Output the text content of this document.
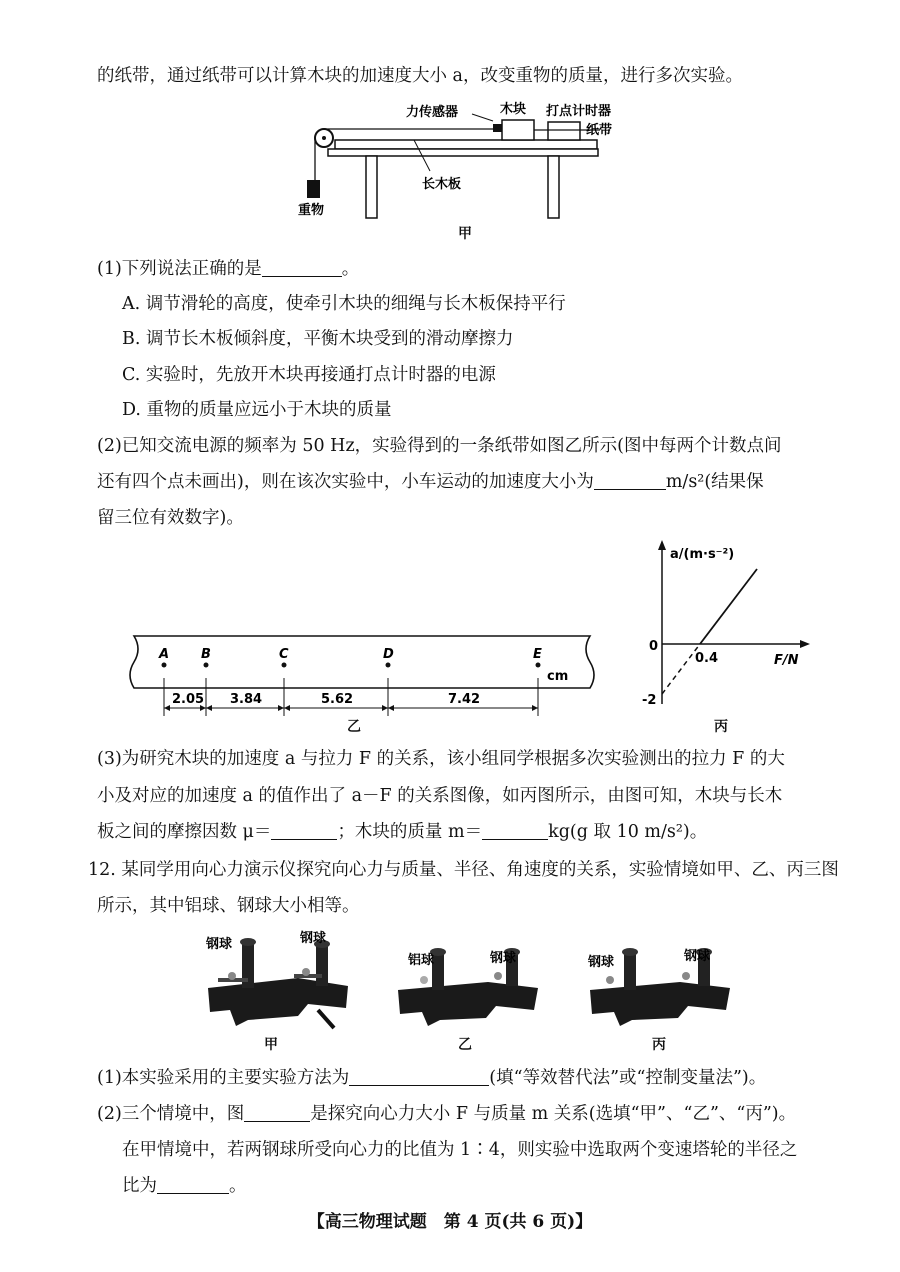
的纸带，通过纸带可以计算木块的加速度大小 a，改变重物的质量，进行多次实验。
力传感器	木块 打点计时器
纸带
长木板
重物
甲
(1)下列说法正确的是	。
A. 调节滑轮的高度，使牵引木块的细绳与长木板保持平行
B. 调节长木板倾斜度，平衡木块受到的滑动摩擦力
C. 实验时，先放开木块再接通打点计时器的电源
D. 重物的质量应远小于木块的质量
(2)已知交流电源的频率为 50 Hz，实验得到的一条纸带如图乙所示(图中每两个计数点间
还有四个点未画出)，则在该次实验中，小车运动的加速度大小为	m/s²(结果保
留三位有效数字)。
A B	C	D	E
cm
2.05 3.84	5.62	7.42
乙
a/(m·s⁻²)
F/N
0
0.4
-2
丙
(3)为研究木块的加速度 a 与拉力 F 的关系，该小组同学根据多次实验测出的拉力 F 的大
小及对应的加速度 a 的值作出了 a－F 的关系图像，如丙图所示，由图可知，木块与长木
板之间的摩擦因数 μ＝	；木块的质量 m＝	kg(g 取 10 m/s²)。
12. 某同学用向心力演示仪探究向心力与质量、半径、角速度的关系，实验情境如甲、乙、丙三图
所示，其中铝球、钢球大小相等。
钢球	钢球
铝球	钢球	钢球	钢球
甲	乙	丙
(1)本实验采用的主要实验方法为	(填“等效替代法”或“控制变量法”)。
(2)三个情境中，图	是探究向心力大小 F 与质量 m 关系(选填“甲”、“乙”、“丙”)。
在甲情境中，若两钢球所受向心力的比值为 1∶4，则实验中选取两个变速塔轮的半径之
比为	。
【高三物理试题　第 4 页(共 6 页)】
